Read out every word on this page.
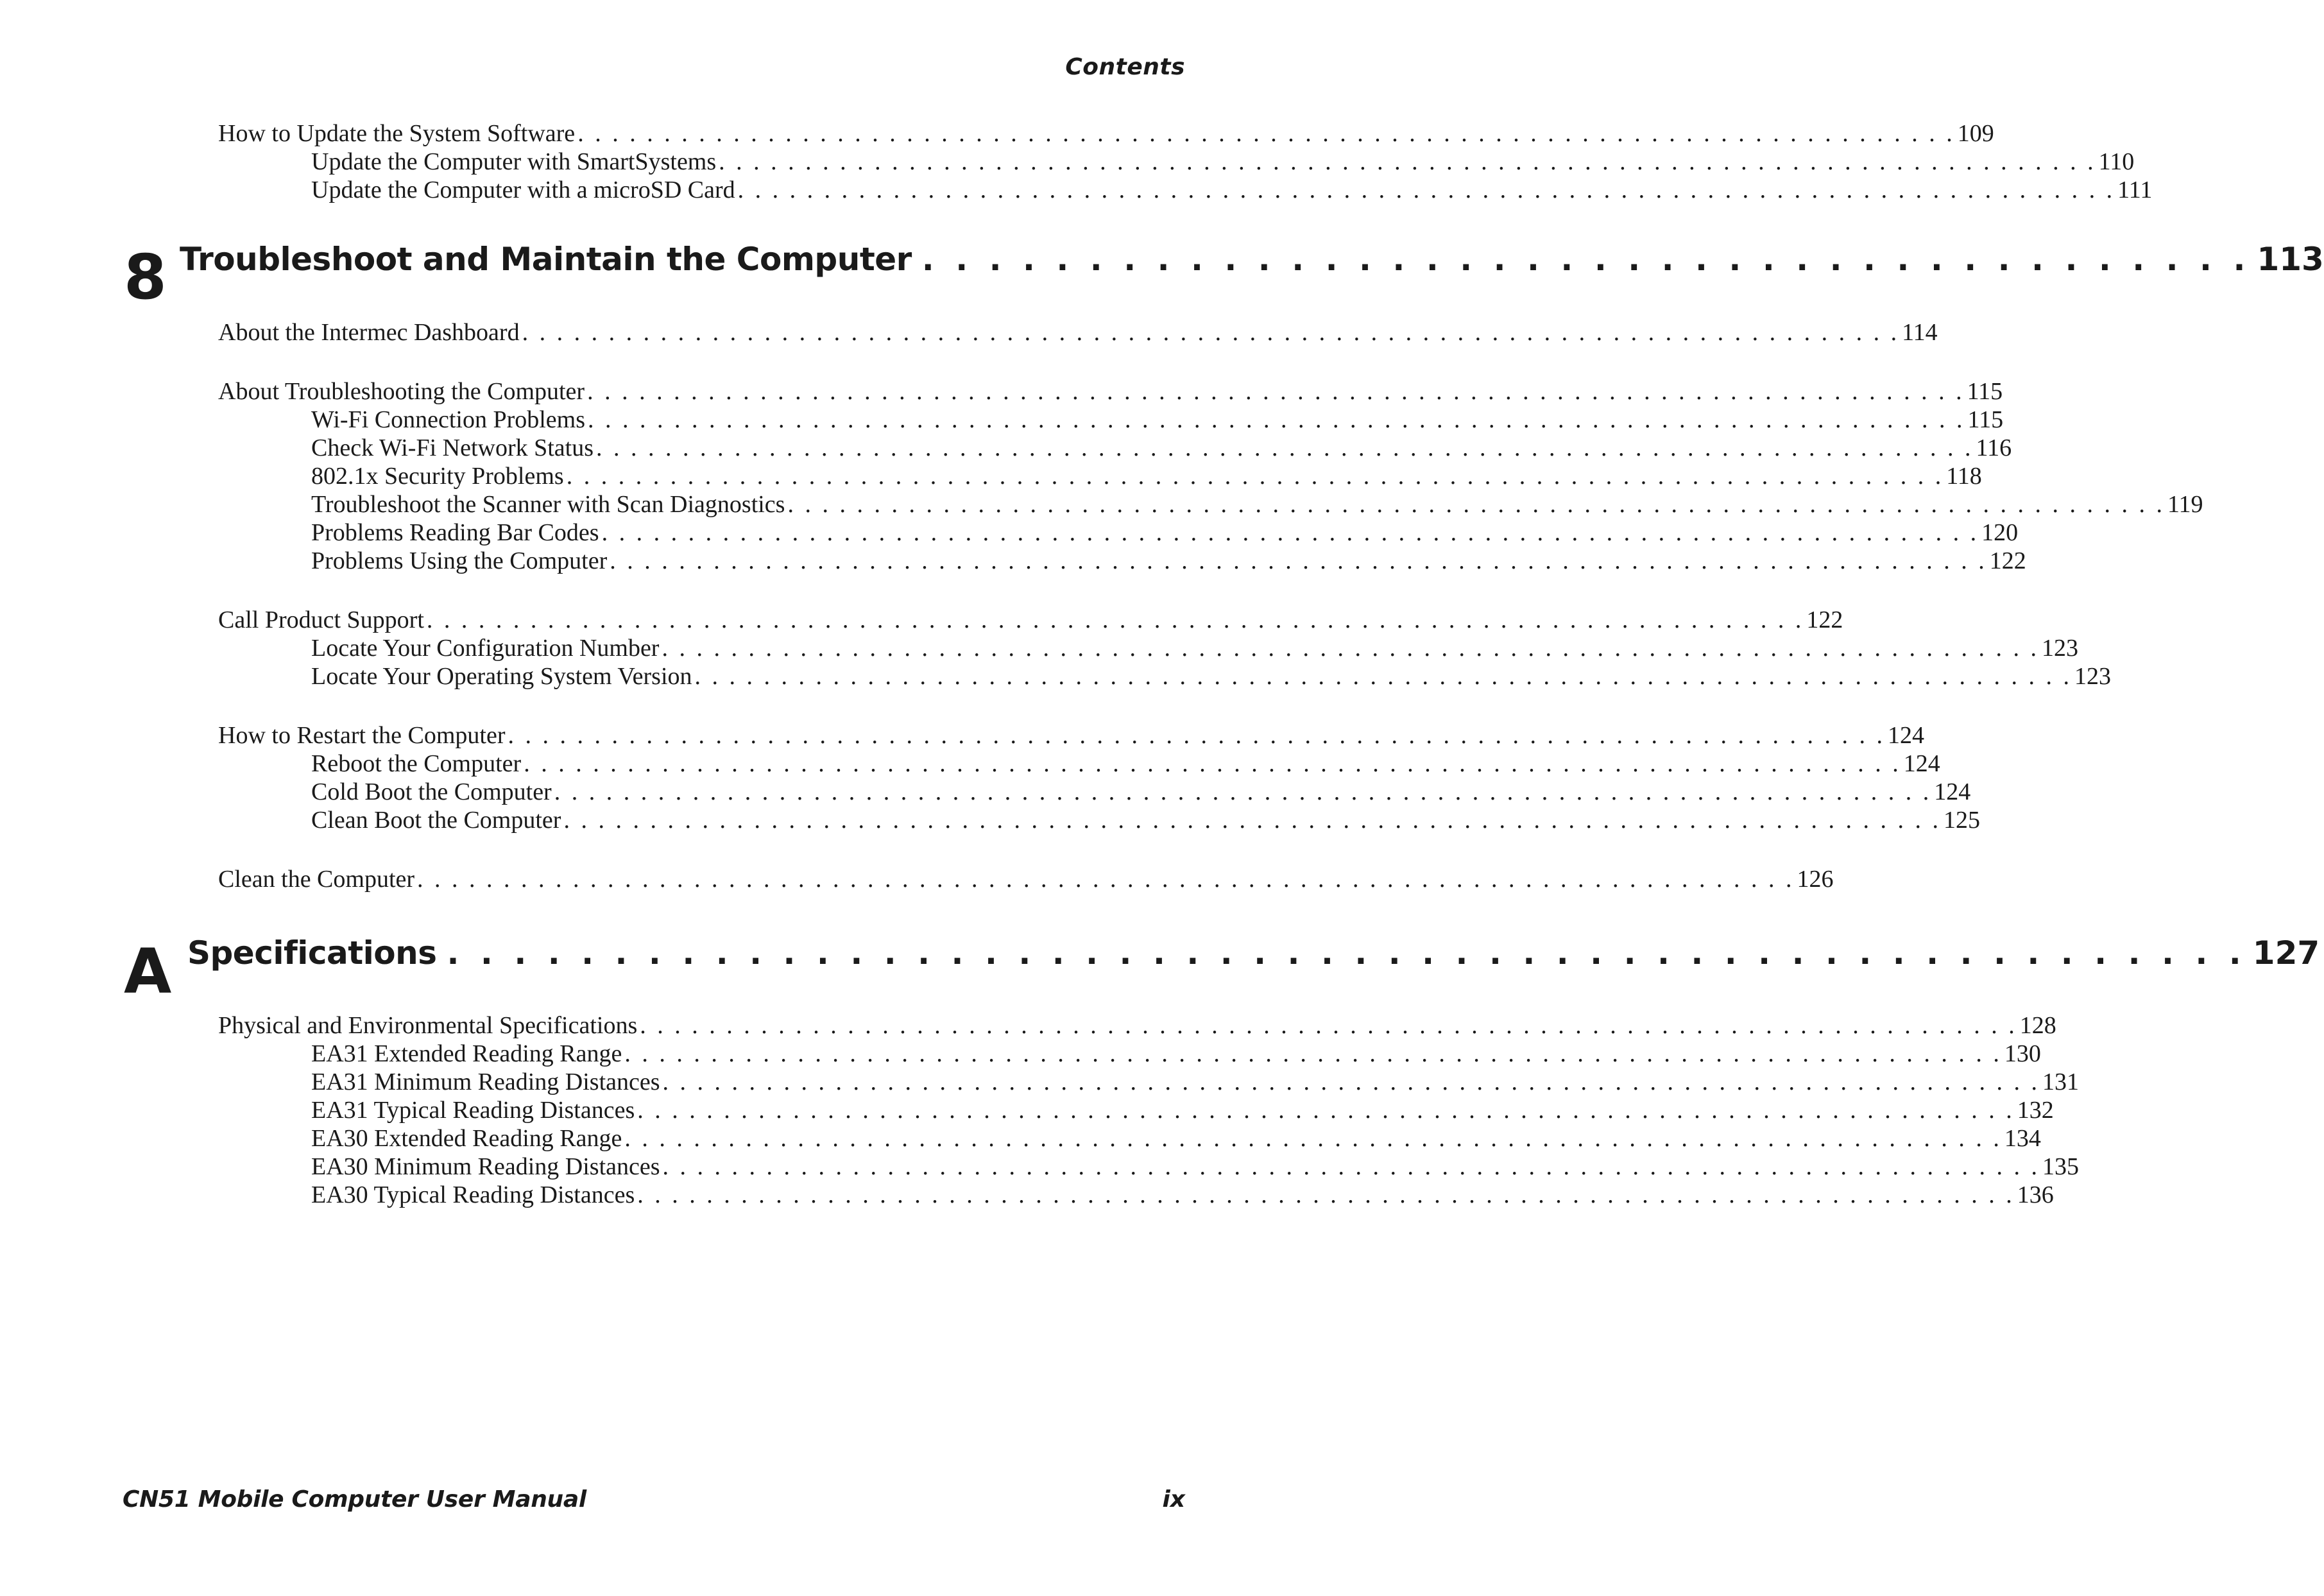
Contents
How to Update the System Software . . . . . . . . . . . . . . . . . . . . . . . . . . . . . . . . . . . . . . . . . . . . . . . . . . . . . . . . . . . . . . . . . . . . . . . . . . . . . . . . 109
Update the Computer with SmartSystems . . . . . . . . . . . . . . . . . . . . . . . . . . . . . . . . . . . . . . . . . . . . . . . . . . . . . . . . . . . . . . . . . . . . . . . . . . . . . . . . 110
Update the Computer with a microSD Card . . . . . . . . . . . . . . . . . . . . . . . . . . . . . . . . . . . . . . . . . . . . . . . . . . . . . . . . . . . . . . . . . . . . . . . . . . . . . . . . 111
8 Troubleshoot and Maintain the Computer . . . . . . . . . . . . . . . . . . . . . . . . . . . . . . . . . . . . . . . . 113
About the Intermec Dashboard . . . . . . . . . . . . . . . . . . . . . . . . . . . . . . . . . . . . . . . . . . . . . . . . . . . . . . . . . . . . . . . . . . . . . . . . . . . . . . . . 114
About Troubleshooting the Computer . . . . . . . . . . . . . . . . . . . . . . . . . . . . . . . . . . . . . . . . . . . . . . . . . . . . . . . . . . . . . . . . . . . . . . . . . . . . . . . . 115
Wi-Fi Connection Problems . . . . . . . . . . . . . . . . . . . . . . . . . . . . . . . . . . . . . . . . . . . . . . . . . . . . . . . . . . . . . . . . . . . . . . . . . . . . . . . . 115
Check Wi-Fi Network Status . . . . . . . . . . . . . . . . . . . . . . . . . . . . . . . . . . . . . . . . . . . . . . . . . . . . . . . . . . . . . . . . . . . . . . . . . . . . . . . . 116
802.1x Security Problems . . . . . . . . . . . . . . . . . . . . . . . . . . . . . . . . . . . . . . . . . . . . . . . . . . . . . . . . . . . . . . . . . . . . . . . . . . . . . . . . 118
Troubleshoot the Scanner with Scan Diagnostics . . . . . . . . . . . . . . . . . . . . . . . . . . . . . . . . . . . . . . . . . . . . . . . . . . . . . . . . . . . . . . . . . . . . . . . . . . . . . . . . 119
Problems Reading Bar Codes . . . . . . . . . . . . . . . . . . . . . . . . . . . . . . . . . . . . . . . . . . . . . . . . . . . . . . . . . . . . . . . . . . . . . . . . . . . . . . . . 120
Problems Using the Computer . . . . . . . . . . . . . . . . . . . . . . . . . . . . . . . . . . . . . . . . . . . . . . . . . . . . . . . . . . . . . . . . . . . . . . . . . . . . . . . . 122
Call Product Support . . . . . . . . . . . . . . . . . . . . . . . . . . . . . . . . . . . . . . . . . . . . . . . . . . . . . . . . . . . . . . . . . . . . . . . . . . . . . . . . 122
Locate Your Configuration Number . . . . . . . . . . . . . . . . . . . . . . . . . . . . . . . . . . . . . . . . . . . . . . . . . . . . . . . . . . . . . . . . . . . . . . . . . . . . . . . . 123
Locate Your Operating System Version . . . . . . . . . . . . . . . . . . . . . . . . . . . . . . . . . . . . . . . . . . . . . . . . . . . . . . . . . . . . . . . . . . . . . . . . . . . . . . . . 123
How to Restart the Computer . . . . . . . . . . . . . . . . . . . . . . . . . . . . . . . . . . . . . . . . . . . . . . . . . . . . . . . . . . . . . . . . . . . . . . . . . . . . . . . . 124
Reboot the Computer . . . . . . . . . . . . . . . . . . . . . . . . . . . . . . . . . . . . . . . . . . . . . . . . . . . . . . . . . . . . . . . . . . . . . . . . . . . . . . . . 124
Cold Boot the Computer . . . . . . . . . . . . . . . . . . . . . . . . . . . . . . . . . . . . . . . . . . . . . . . . . . . . . . . . . . . . . . . . . . . . . . . . . . . . . . . . 124
Clean Boot the Computer . . . . . . . . . . . . . . . . . . . . . . . . . . . . . . . . . . . . . . . . . . . . . . . . . . . . . . . . . . . . . . . . . . . . . . . . . . . . . . . . 125
Clean the Computer . . . . . . . . . . . . . . . . . . . . . . . . . . . . . . . . . . . . . . . . . . . . . . . . . . . . . . . . . . . . . . . . . . . . . . . . . . . . . . . . 126
A Specifications . . . . . . . . . . . . . . . . . . . . . . . . . . . . . . . . . . . . . . . . . . . . . . . . . . . . . . 127
Physical and Environmental Specifications . . . . . . . . . . . . . . . . . . . . . . . . . . . . . . . . . . . . . . . . . . . . . . . . . . . . . . . . . . . . . . . . . . . . . . . . . . . . . . . . 128
EA31 Extended Reading Range . . . . . . . . . . . . . . . . . . . . . . . . . . . . . . . . . . . . . . . . . . . . . . . . . . . . . . . . . . . . . . . . . . . . . . . . . . . . . . . . 130
EA31 Minimum Reading Distances . . . . . . . . . . . . . . . . . . . . . . . . . . . . . . . . . . . . . . . . . . . . . . . . . . . . . . . . . . . . . . . . . . . . . . . . . . . . . . . . 131
EA31 Typical Reading Distances . . . . . . . . . . . . . . . . . . . . . . . . . . . . . . . . . . . . . . . . . . . . . . . . . . . . . . . . . . . . . . . . . . . . . . . . . . . . . . . . 132
EA30 Extended Reading Range . . . . . . . . . . . . . . . . . . . . . . . . . . . . . . . . . . . . . . . . . . . . . . . . . . . . . . . . . . . . . . . . . . . . . . . . . . . . . . . . 134
EA30 Minimum Reading Distances . . . . . . . . . . . . . . . . . . . . . . . . . . . . . . . . . . . . . . . . . . . . . . . . . . . . . . . . . . . . . . . . . . . . . . . . . . . . . . . . 135
EA30 Typical Reading Distances . . . . . . . . . . . . . . . . . . . . . . . . . . . . . . . . . . . . . . . . . . . . . . . . . . . . . . . . . . . . . . . . . . . . . . . . . . . . . . . . 136
CN51 Mobile Computer User Manual	ix
